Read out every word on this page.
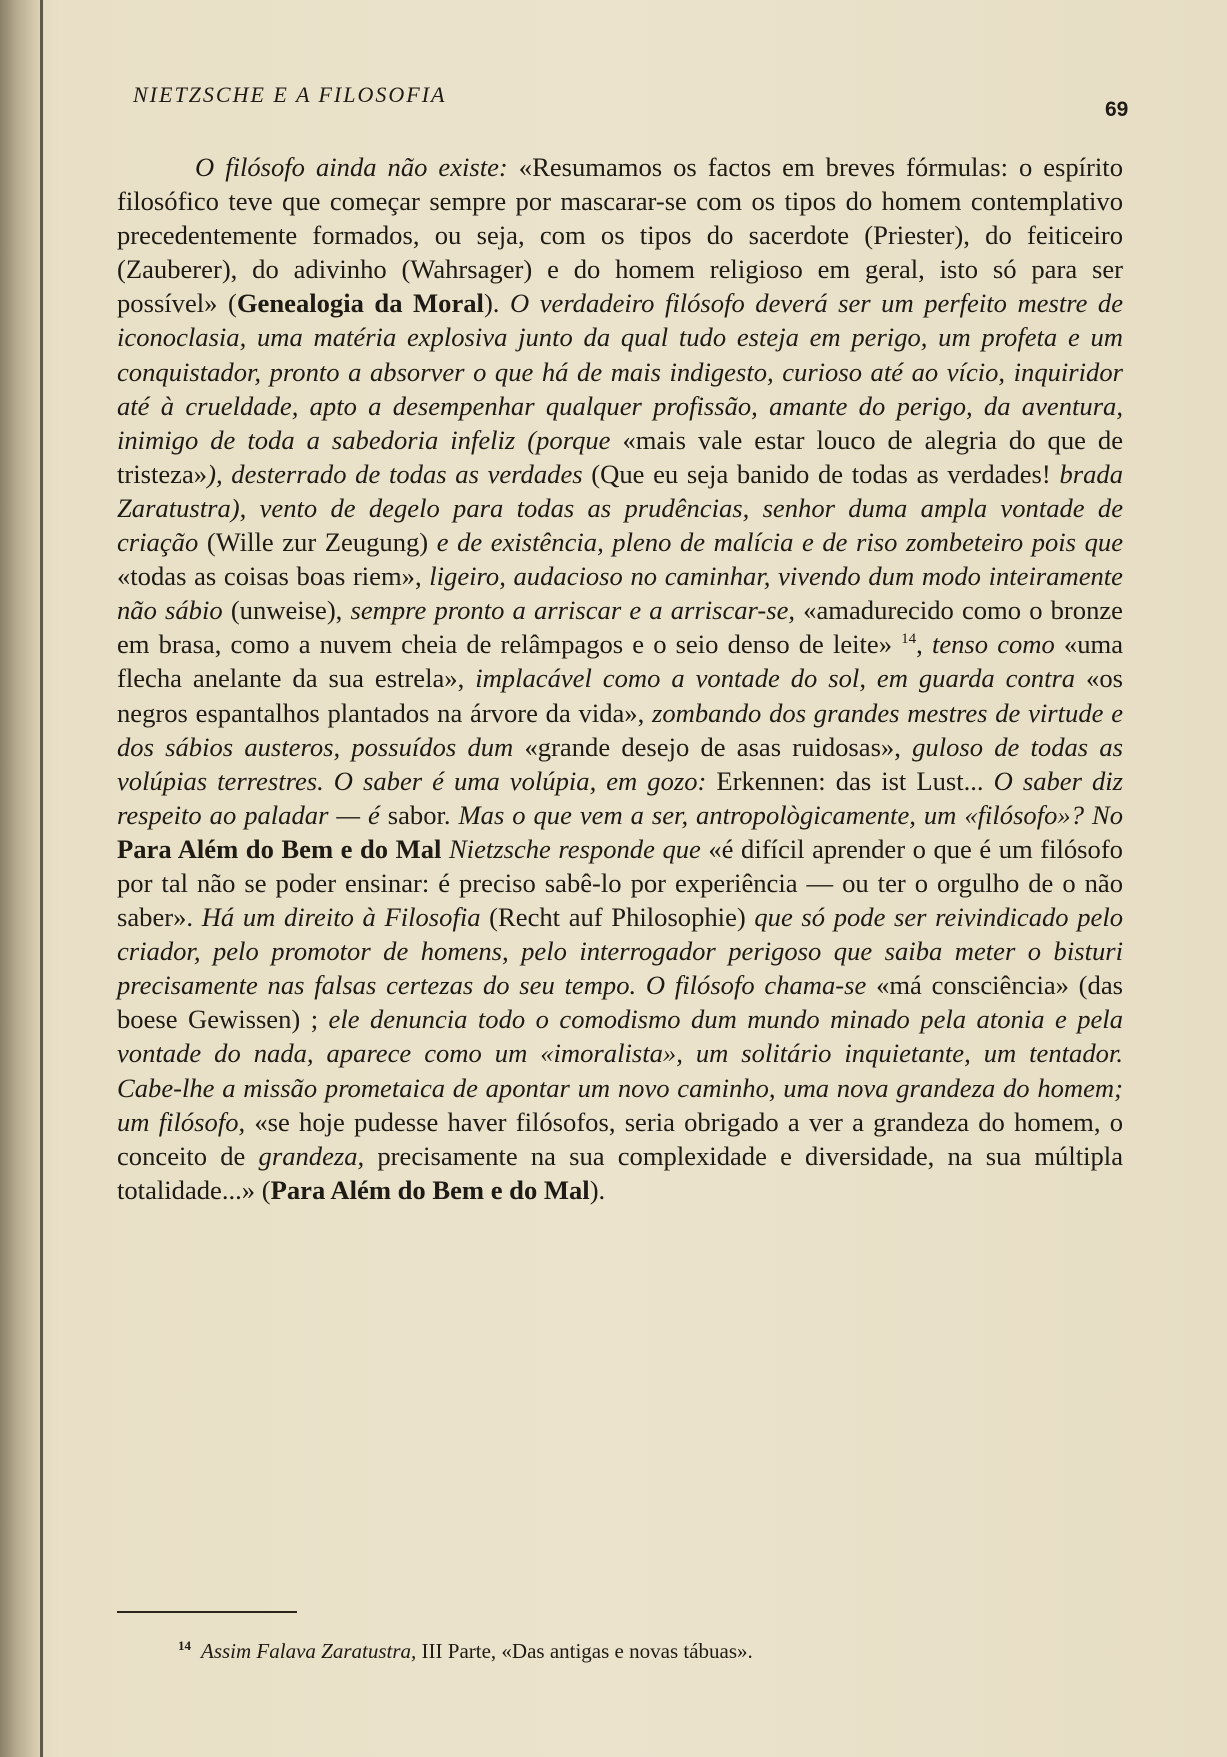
NIETZSCHE E A FILOSOFIA
69

O filósofo ainda não existe: «Resumamos os factos em breves fórmulas: o espírito filosófico teve que começar sempre por mascarar-se com os tipos do homem contemplativo precedentemente formados, ou seja, com os tipos do sacerdote (Priester), do feiticeiro (Zauberer), do adivinho (Wahrsager) e do homem religioso em geral, isto só para ser possível» (Genealogia da Moral). O verdadeiro filósofo deverá ser um perfeito mestre de iconoclasia, uma matéria explosiva junto da qual tudo esteja em perigo, um profeta e um conquistador, pronto a absorver o que há de mais indigesto, curioso até ao vício, inquiridor até à crueldade, apto a desempenhar qualquer profissão, amante do perigo, da aventura, inimigo de toda a sabedoria infeliz (porque «mais vale estar louco de alegria do que de tristeza»), desterrado de todas as verdades (Que eu seja banido de todas as verdades! brada Zaratustra), vento de degelo para todas as prudências, senhor duma ampla vontade de criação (Wille zur Zeugung) e de existência, pleno de malícia e de riso zombeteiro pois que «todas as coisas boas riem», ligeiro, audacioso no caminhar, vivendo dum modo inteiramente não sábio (unweise), sempre pronto a arriscar e a arriscar-se, «amadurecido como o bronze em brasa, como a nuvem cheia de relâmpagos e o seio denso de leite» $^{14}$, tenso como «uma flecha anelante da sua estrela», implacável como a vontade do sol, em guarda contra «os negros espantalhos plantados na árvore da vida», zombando dos grandes mestres de virtude e dos sábios austeros, possuídos dum «grande desejo de asas ruidosas», guloso de todas as volúpias terrestres. O saber é uma volúpia, em gozo: Erkennen: das ist Lust... O saber diz respeito ao paladar — é sabor. Mas o que vem a ser, antropològicamente, um «filósofo»? No Para Além do Bem e do Mal Nietzsche responde que «é difícil aprender o que é um filósofo por tal não se poder ensinar: é preciso sabê-lo por experiência — ou ter o orgulho de o não saber». Há um direito à Filosofia (Recht auf Philosophie) que só pode ser reivindicado pelo criador, pelo promotor de homens, pelo interrogador perigoso que saiba meter o bisturi precisamente nas falsas certezas do seu tempo. O filósofo chama-se «má consciência» (das boese Gewissen) ; ele denuncia todo o comodismo dum mundo minado pela atonia e pela vontade do nada, aparece como um «imoralista», um solitário inquietante, um tentador. Cabe-lhe a missão prometaica de apontar um novo caminho, uma nova grandeza do homem; um filósofo, «se hoje pudesse haver filósofos, seria obrigado a ver a grandeza do homem, o conceito de grandeza, precisamente na sua complexidade e diversidade, na sua múltipla totalidade...» (Para Além do Bem e do Mal).

$^{14}$ Assim Falava Zaratustra, III Parte, «Das antigas e novas tábuas».
